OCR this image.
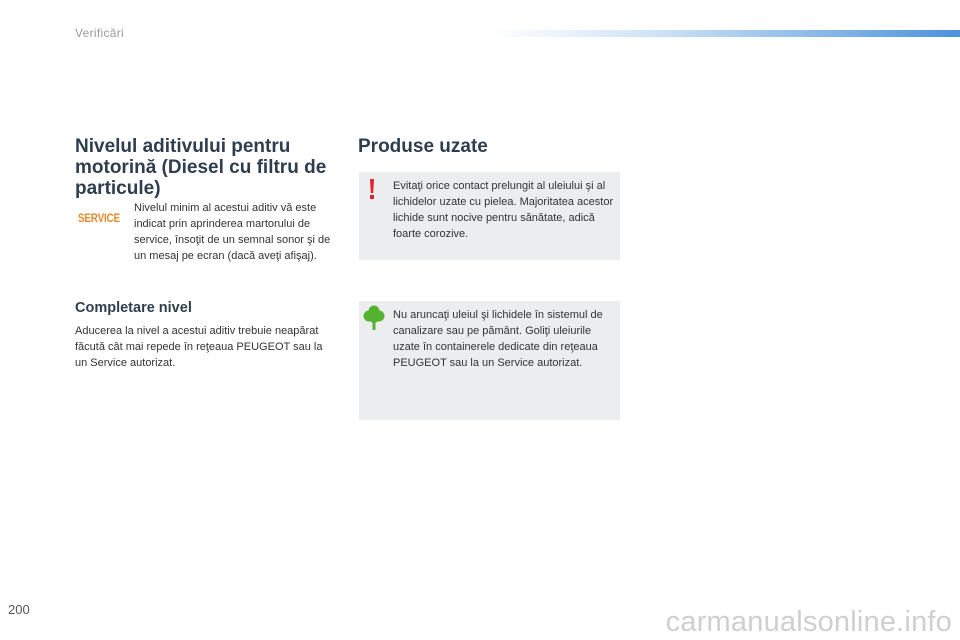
Verificări
Nivelul aditivului pentru motorină (Diesel cu filtru de particule)
SERVICE
Nivelul minim al acestui aditiv vă este indicat prin aprinderea martorului de service, însoţit de un semnal sonor şi de un mesaj pe ecran (dacă aveţi afişaj).
Completare nivel
Aducerea la nivel a acestui aditiv trebuie neapărat făcută cât mai repede în reţeaua PEUGEOT sau la un Service autorizat.
Produse uzate
Evitaţi orice contact prelungit al uleiului şi al lichidelor uzate cu pielea. Majoritatea acestor lichide sunt nocive pentru sănătate, adică foarte corozive.
Nu aruncaţi uleiul şi lichidele în sistemul de canalizare sau pe pământ. Goliţi uleiurile uzate în containerele dedicate din reţeaua PEUGEOT sau la un Service autorizat.
200	carmanualsonline.info
